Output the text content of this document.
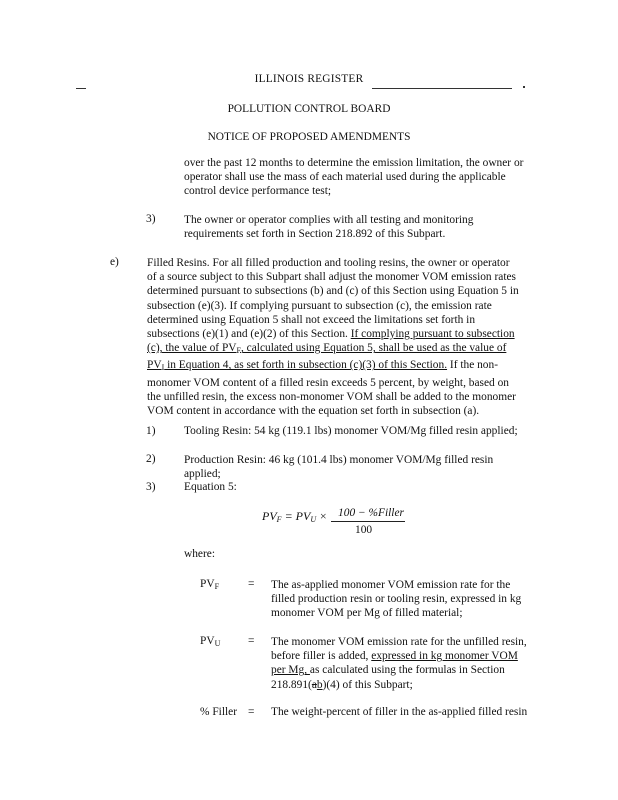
ILLINOIS REGISTER
POLLUTION CONTROL BOARD
NOTICE OF PROPOSED AMENDMENTS
over the past 12 months to determine the emission limitation, the owner or
operator shall use the mass of each material used during the applicable
control device performance test;
3)	The owner or operator complies with all testing and monitoring
requirements set forth in Section 218.892 of this Subpart.
e) Filled Resins. For all filled production and tooling resins, the owner or operator
of a source subject to this Subpart shall adjust the monomer VOM emission rates
determined pursuant to subsections (b) and (c) of this Section using Equation 5 in
subsection (e)(3). If complying pursuant to subsection (c), the emission rate
determined using Equation 5 shall not exceed the limitations set forth in
subsections (e)(1) and (e)(2) of this Section. If complying pursuant to subsection
(c), the value of $PV_F$, calculated using Equation 5, shall be used as the value of
$PV_I$ in Equation 4, as set forth in subsection (c)(3) of this Section. If the non-
monomer VOM content of a filled resin exceeds 5 percent, by weight, based on
the unfilled resin, the excess non-monomer VOM shall be added to the monomer
VOM content in accordance with the equation set forth in subsection (a).
1)	Tooling Resin: 54 kg (119.1 lbs) monomer VOM/Mg filled resin applied;
2)	Production Resin: 46 kg (101.4 lbs) monomer VOM/Mg filled resin
applied;
3)	Equation 5:
$PV_F = PV_U \times 100$ − %Filler
100
where:
$PV_F$	= The as-applied monomer VOM emission rate for the
filled production resin or tooling resin, expressed in kg
monomer VOM per Mg of filled material;
$PV_U$ = The monomer VOM emission rate for the unfilled resin,
before filler is added, expressed in kg monomer VOM
per Mg, as calculated using the formulas in Section
218.891(ab)(4) of this Subpart;
% Filler = The weight-percent of filler in the as-applied filled resin
